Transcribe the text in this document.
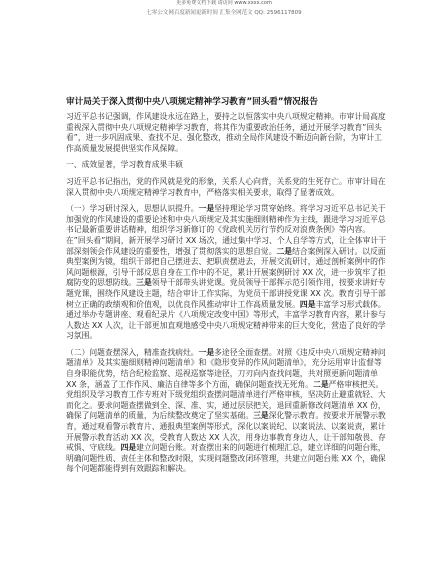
更多免费文档下载 请访问 www.xxxx.com
七零公文网百度新闻更新时间 汇集全网范文 QQ: 2596117809
审计局关于深入贯彻中央八项规定精神学习教育”回头看”情况报告

习近平总书记强调，作风建设永远在路上，要持之以恒落实中央八项规定精神。市审计局高度重视深入贯彻中央八项规定精神学习教育，将其作为重要政治任务，通过开展学习教育”回头看”，进一步巩固成果、查找不足、强化整改，推动全局作风建设不断迈向新台阶，为审计工作高质量发展提供坚实作风保障。

一、成效显著，学习教育成果丰硕

习近平总书记指出，党的作风就是党的形象，关系人心向背，关系党的生死存亡。市审计局在深入贯彻中央八项规定精神学习教育中，严格落实相关要求，取得了显著成效。

（一）学习研讨深入，思想认识提升。一是坚持理论学习贯穿始终。将学习习近平总书记关于加强党的作风建设的重要论述和中央八项规定及其实施细则精神作为主线，跟进学习习近平总书记最新重要讲话精神，组织学习新修订的《党政机关厉行节约反对浪费条例》等内容。在”回头看”期间，新开展学习研讨 XX 场次，通过集中学习、个人自学等方式，让全体审计干部深刻领会作风建设的重要性，增强了贯彻落实的思想自觉。二是结合案例深入研讨。以反面典型案例为镜，组织干部把自己摆进去、把职责摆进去，开展交流研讨，通过剖析案例中的作风问题根源，引导干部反思自身在工作中的不足，累计开展案例研讨 XX 次，进一步筑牢了拒腐防变的思想防线。三是领导干部带头讲党课。党员领导干部挥示范引领作用，按要求讲好专题党课，围绕作风建设主题，结合审计工作实际，为党员干部讲授党课 XX 次。教育引导干部树立正确的政绩观和价值观，以优良作风推动审计工作高质量发展。四是丰富学习形式载体。通过举办专题讲座、观看纪录片《八项规定改变中国》等形式，丰富学习教育内容，累计参与人数达 XX 人次，让干部更加直观地感受中央八项规定精神带来的巨大变化，营造了良好的学习氛围。

（二）问题查摆深入，精准查找病灶。一是多途径全面查摆。对照《违反中央八项规定精神问题清单》及其实施细则精神问题清单》和《隐形变异的作风问题清单》，充分运用审计监督等自身职能优势，结合纪检监察、巡视巡察等途径，刀刃向内查找问题，共对照更新问题清单 XX 条，涵盖了工作作风、廉洁自律等多个方面，确保问题查找无死角。二是严格审核把关。党组织及学习教育工作专班对下级党组织查摆问题清单进行严格审核，坚决防止避重就轻、大而化之。要求问题查摆做到全、深、准、实，通过层层把关，退回重新修改问题清单 XX 份，确保了问题清单的质量，为后续整改奠定了坚实基础。三是深化警示教育。按要求开展警示教育，通过观看警示教育片、通报典型案例等形式，深化以案说纪、以案说法、以案说责，累计开展警示教育活动 XX 次，受教育人数达 XX 人次，用身边事教育身边人，让干部知敬畏、存戒惧、守底线。四是建立问题台账。对查摆出来的问题进行梳理汇总，建立详细的问题台账，明确问题性质、责任主体和整改时限，实现问题整改闭环管理，共建立问题台账 XX 个，确保每个问题都能得到有效跟踪和解决。
